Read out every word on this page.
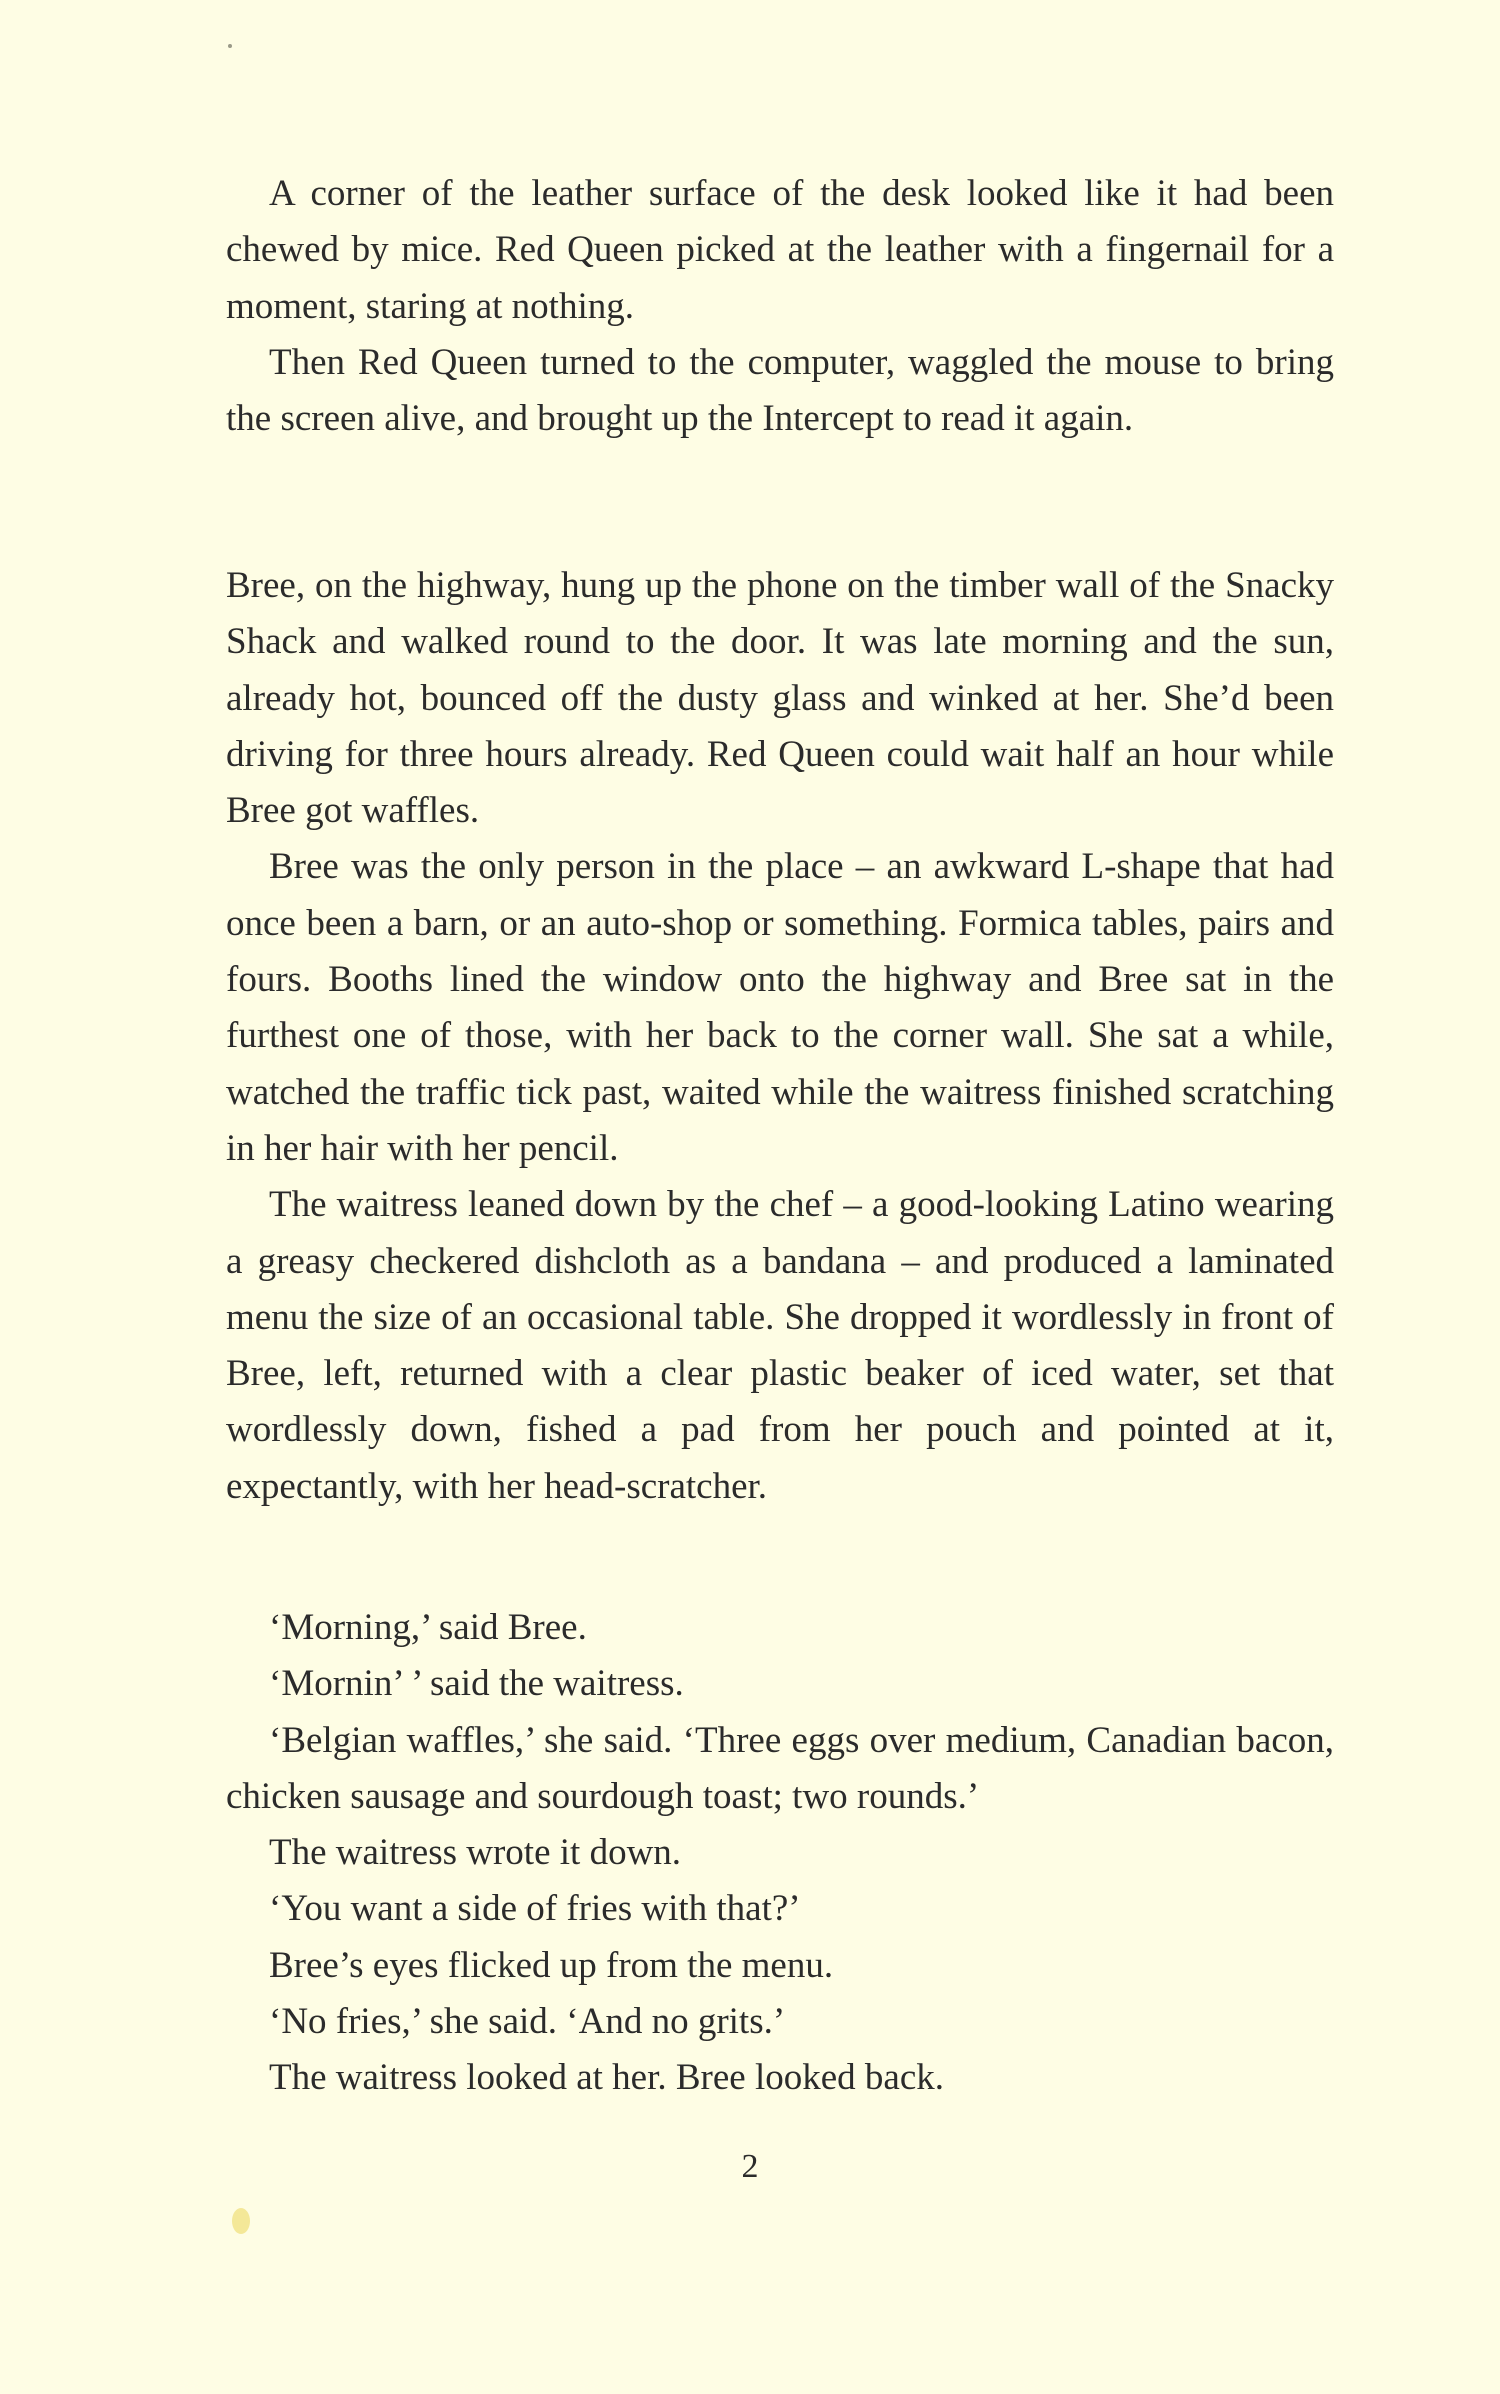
A corner of the leather surface of the desk looked like it had been chewed by mice. Red Queen picked at the leather with a fingernail for a moment, staring at nothing.

Then Red Queen turned to the computer, waggled the mouse to bring the screen alive, and brought up the Intercept to read it again.

Bree, on the highway, hung up the phone on the timber wall of the Snacky Shack and walked round to the door. It was late morning and the sun, already hot, bounced off the dusty glass and winked at her. She’d been driving for three hours already. Red Queen could wait half an hour while Bree got waffles.

Bree was the only person in the place – an awkward L-shape that had once been a barn, or an auto-shop or something. Formica tables, pairs and fours. Booths lined the window onto the highway and Bree sat in the furthest one of those, with her back to the corner wall. She sat a while, watched the traffic tick past, waited while the waitress finished scratching in her hair with her pencil.

The waitress leaned down by the chef – a good-looking Latino wearing a greasy checkered dishcloth as a bandana – and produced a laminated menu the size of an occasional table. She dropped it wordlessly in front of Bree, left, returned with a clear plastic beaker of iced water, set that wordlessly down, fished a pad from her pouch and pointed at it, expectantly, with her head-scratcher.

‘Morning,’ said Bree.

‘Mornin’ ’ said the waitress.

‘Belgian waffles,’ she said. ‘Three eggs over medium, Canadian bacon, chicken sausage and sourdough toast; two rounds.’

The waitress wrote it down.

‘You want a side of fries with that?’

Bree’s eyes flicked up from the menu.

‘No fries,’ she said. ‘And no grits.’

The waitress looked at her. Bree looked back.

2
